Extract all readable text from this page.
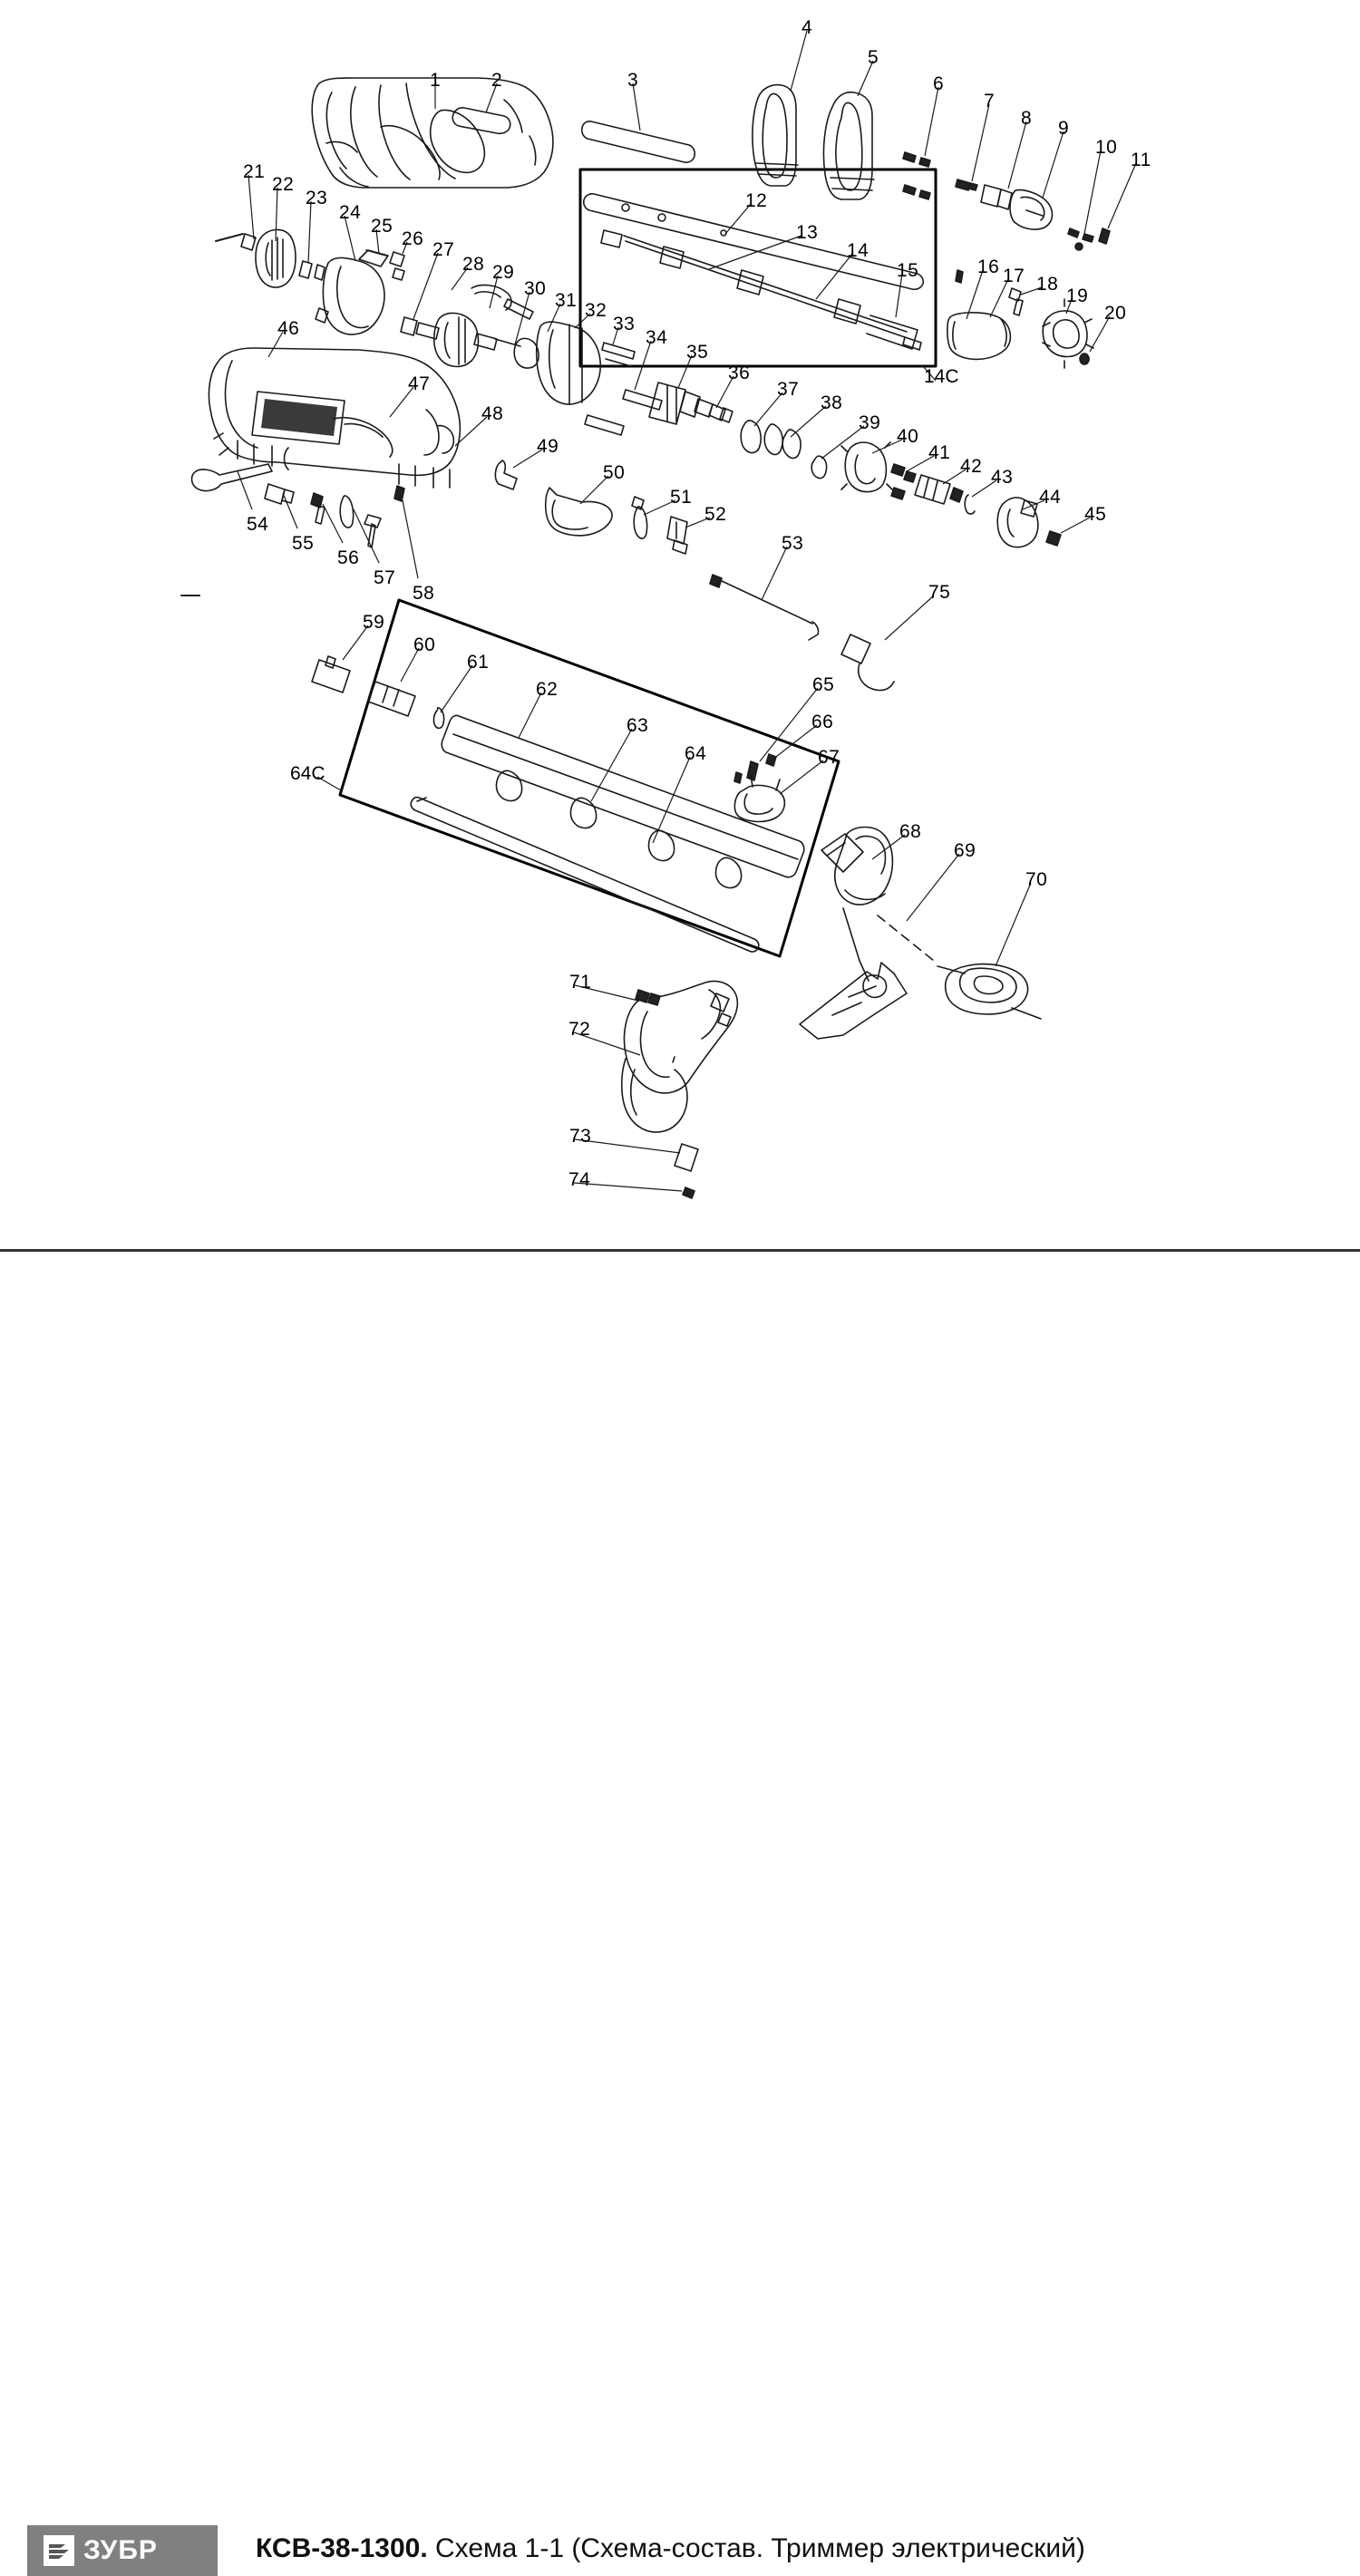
1	2	3
4
5
6
7
8 9
10
11
12
13
14
15	16 17 18
19
20
21
22
23
24
25
26
27
28 29
30
31 32
33
34
35
36
37
38
39
40
41
42
43
44
45
46
47
48
49
50
51
52
53
54
55
56
57
58
59
60
61
62
63
64
65
66
67
68
69
70
71
72
73
74
75
14С
64С
ЗУБР	КСВ-38-1300. Схема 1-1 (Схема-состав. Триммер электрический)
